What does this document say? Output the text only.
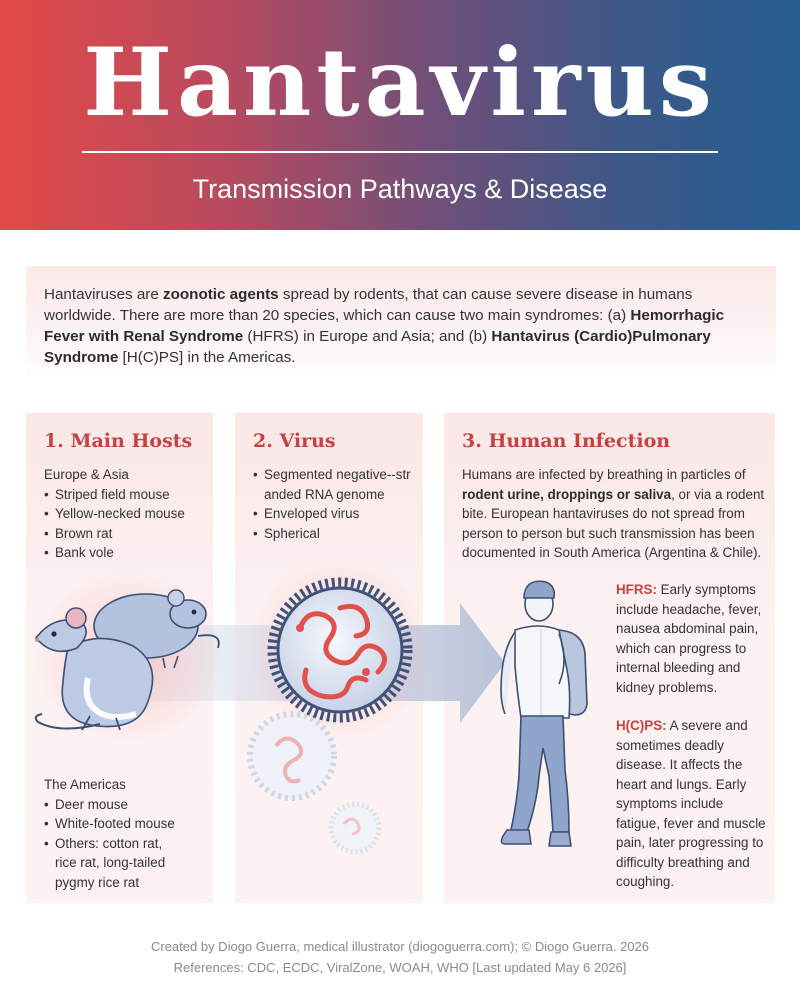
Hantavirus
Transmission Pathways & Disease

Hantaviruses are zoonotic agents spread by rodents, that can cause severe disease in humans worldwide. There are more than 20 species, which can cause two main syndromes: (a) Hemorrhagic Fever with Renal Syndrome (HFRS) in Europe and Asia; and (b) Hantavirus (Cardio)Pulmonary Syndrome [H(C)PS] in the Americas.

1. Main Hosts
Europe & Asia
• Striped field mouse
• Yellow-necked mouse
• Brown rat
• Bank vole
The Americas
• Deer mouse
• White-footed mouse
• Others: cotton rat, rice rat, long-tailed pygmy rice rat
2. Virus
• Segmented negative--stranded RNA genome
• Enveloped virus
• Spherical
3. Human Infection

Humans are infected by breathing in particles of rodent urine, droppings or saliva, or via a rodent bite. European hantaviruses do not spread from person to person but such transmission has been documented in South America (Argentina & Chile).

HFRS: Early symptoms include headache, fever, nausea abdominal pain, which can progress to internal bleeding and kidney problems.

H(C)PS: A severe and sometimes deadly disease. It affects the heart and lungs. Early symptoms include fatigue, fever and muscle pain, later progressing to difficulty breathing and coughing.

Created by Diogo Guerra, medical illustrator (diogoguerra.com); © Diogo Guerra. 2026
References: CDC, ECDC, ViralZone, WOAH, WHO [Last updated May 6 2026]
